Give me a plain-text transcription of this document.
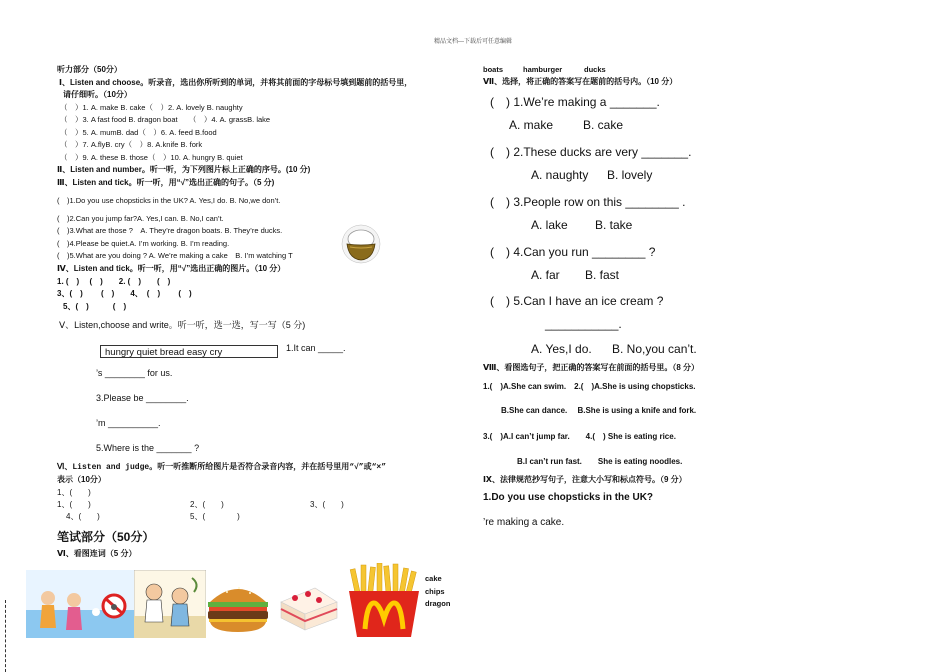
精品文档---下载后可任意编辑
听力部分（50分）
Ⅰ、Listen and choose。听录音，选出你所听到的单词，并将其前面的字母标号填到题前的括号里，
请仔细听。（10分）
（　）1. A. make B. cake（　）2. A. lovely B. naughty
（　）3. A fast food B. dragon boat　　（　）4. A. grassB. lake
（　）5. A. mumB. dad（　）6. A. feed B.food
（　）7. A.flyB. cry（　）8. A.knife B. fork
（　）9. A. these B. those（　）10. A. hungry B. quiet
Ⅱ、Listen and number。听一听，为下列图片标上正确的序号。(10 分)
Ⅲ、Listen and tick。听一听，用“√”选出正确的句子。（5 分)
(　)1.Do you use chopsticks in the UK? A. Yes,I do. B. No,we don’t.
(　)2.Can you jump far?A. Yes,I can. B. No,I can’t.
(　)3.What are those ?　A. They’re dragon boats. B. They’re ducks.
(　)4.Please be quiet.A. I’m working. B. I’m reading.
(　)5.What are you doing ? A. We’re making a cake　B. I’m watching T
Ⅳ、Listen and tick。听一听，用“√”选出正确的图片。（10 分）
1. (　)　 (　)　　2. (　)　　(　)
3、(　)　　 (　)　　4、　(　)　　 (　)
5、(　)　　　(　)
Ⅴ、Listen,choose and write。听一听，选一选，写一写（5 分)
hungry quiet bread easy cry	1.It can _____.
’s ________ for us.
3.Please be ________.
’m __________.
5.Where is the _______ ?
Ⅵ、Listen and judge。听一听推断所给图片是否符合录音内容，并在括号里用“√”或“×”
表示（10分）
1、(　　)
1、(　　)	2、(　　)	3、(　　)
4、(　　)	5、(　　　　)
笔试部分（50分）
Ⅵ、看图连词（5 分）
cake
chips
dragon
boats	hamburger	ducks
Ⅶ、选择，将正确的答案写在题前的括号内。（10 分）
(　) 1.We’re making a _______.
A. make B. cake
(　) 2.These ducks are very _______.
A. naughty B. lovely
(　) 3.People row on this ________ .
A. lake B. take
(　) 4.Can you run ________ ?
A. far B. fast
(　) 5.Can I have an ice cream ?
___________.
A. Yes,I do. B. No,you can’t.
Ⅷ、看图选句子，把正确的答案写在前面的括号里。（8 分）
1.(　)A.She can swim.　2.(　)A.She is using chopsticks.
B.She can dance.　 B.She is using a knife and fork.
3.(　)A.I can’t jump far.　　4.(　) She is eating rice.
B.I can’t run fast.　　She is eating noodles.
Ⅸ、法律规范抄写句子，注意大小写和标点符号。（9 分）
1.Do you use chopsticks in the UK?
’re making a cake.
